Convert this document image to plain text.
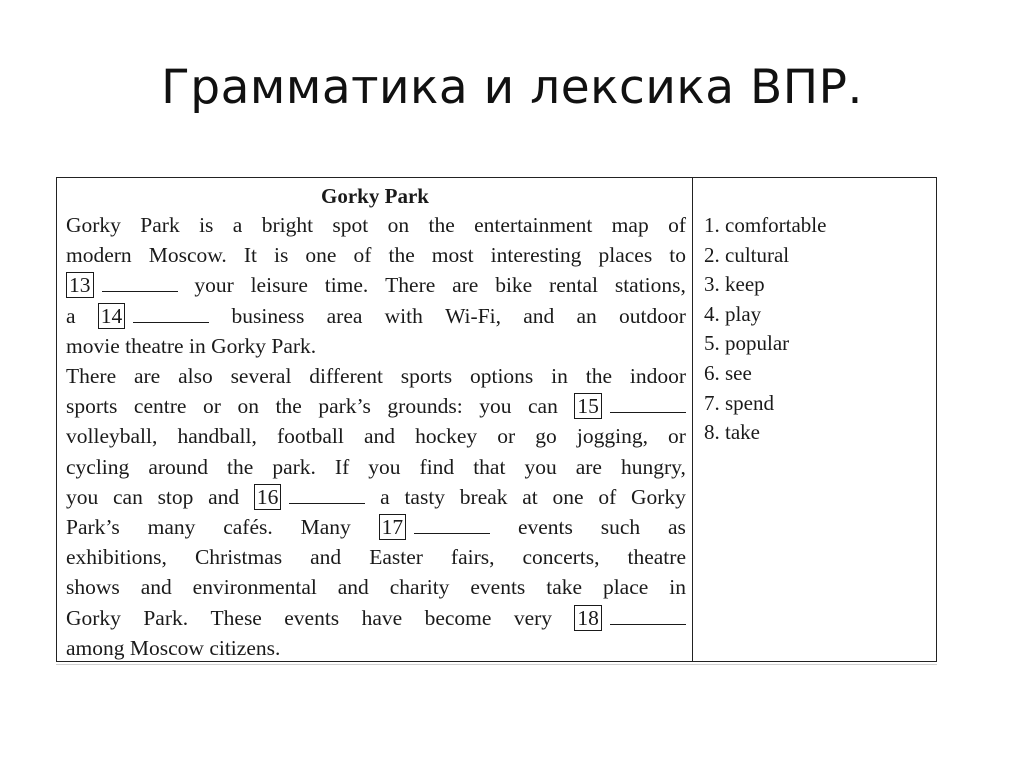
Грамматика и лексика ВПР.
Gorky Park
Gorky Park is a bright spot on the entertainment map of
modern Moscow. It is one of the most interesting places to
13	your leisure time. There are bike rental stations,
a 14	business area with Wi-Fi, and an outdoor
movie theatre in Gorky Park.
There are also several different sports options in the indoor
sports centre or on the park’s grounds: you can 15
volleyball, handball, football and hockey or go jogging, or
cycling around the park. If you find that you are hungry,
you can stop and 16	a tasty break at one of Gorky
Park’s many cafés. Many 17	events such as
exhibitions, Christmas and Easter fairs, concerts, theatre
shows and environmental and charity events take place in
Gorky Park. These events have become very 18
among Moscow citizens.
1. comfortable
2. cultural
3. keep
4. play
5. popular
6. see
7. spend
8. take
